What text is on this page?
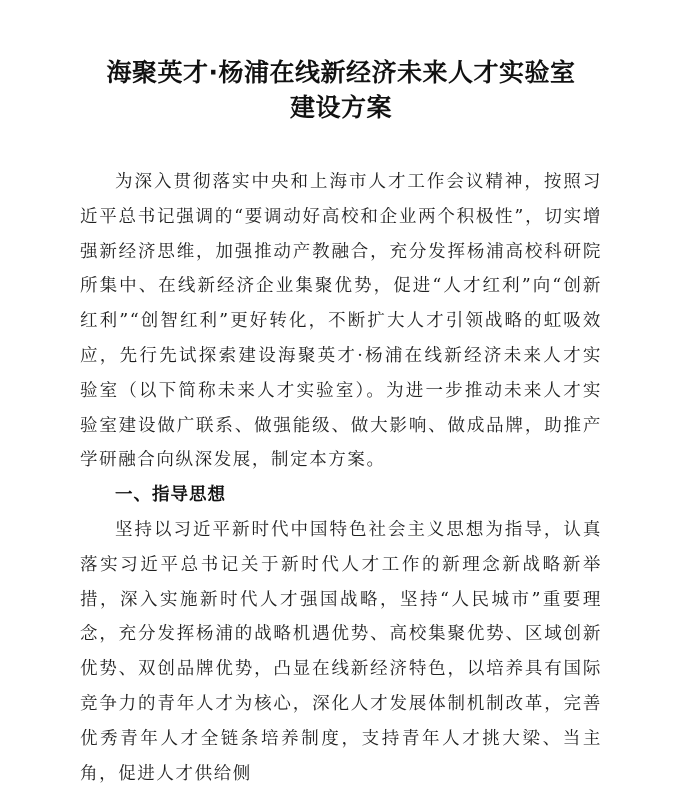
海聚英才·杨浦在线新经济未来人才实验室
建设方案

为深入贯彻落实中央和上海市人才工作会议精神，按照习近平总书记强调的“要调动好高校和企业两个积极性”，切实增强新经济思维，加强推动产教融合，充分发挥杨浦高校科研院所集中、在线新经济企业集聚优势，促进“人才红利”向“创新红利”“创智红利”更好转化，不断扩大人才引领战略的虹吸效应，先行先试探索建设海聚英才·杨浦在线新经济未来人才实验室（以下简称未来人才实验室）。为进一步推动未来人才实验室建设做广联系、做强能级、做大影响、做成品牌，助推产学研融合向纵深发展，制定本方案。

一、指导思想

坚持以习近平新时代中国特色社会主义思想为指导，认真落实习近平总书记关于新时代人才工作的新理念新战略新举措，深入实施新时代人才强国战略，坚持“人民城市”重要理念，充分发挥杨浦的战略机遇优势、高校集聚优势、区域创新优势、双创品牌优势，凸显在线新经济特色，以培养具有国际竞争力的青年人才为核心，深化人才发展体制机制改革，完善优秀青年人才全链条培养制度，支持青年人才挑大梁、当主角，促进人才供给侧
